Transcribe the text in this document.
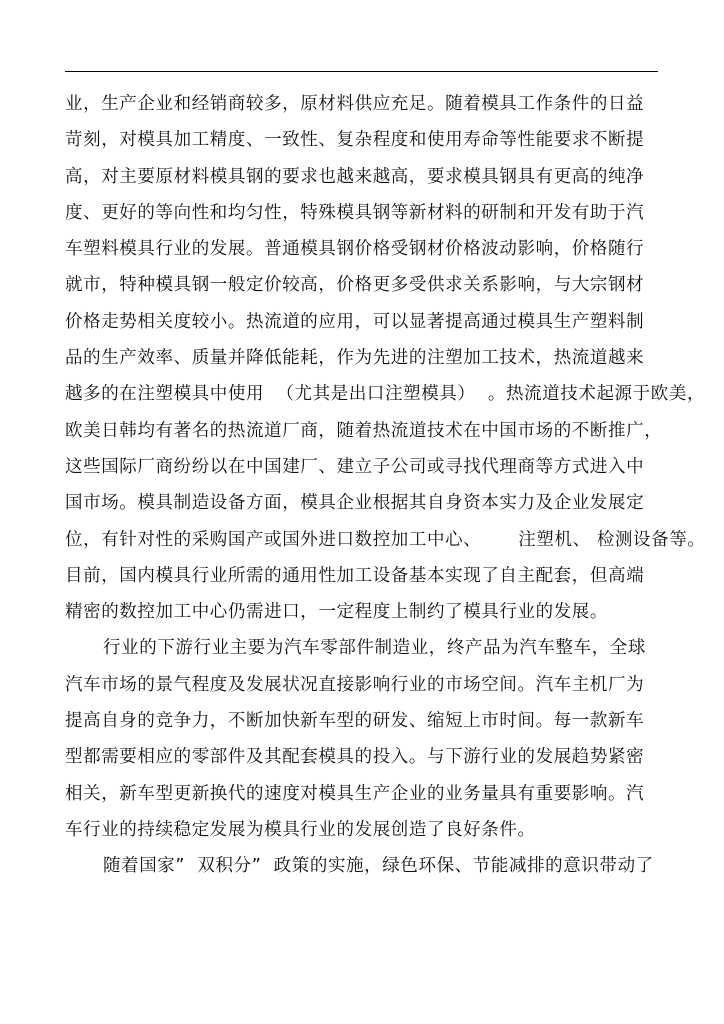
业，生产企业和经销商较多，原材料供应充足。随着模具工作条件的日益
苛刻，对模具加工精度、一致性、复杂程度和使用寿命等性能要求不断提
高，对主要原材料模具钢的要求也越来越高，要求模具钢具有更高的纯净
度、更好的等向性和均匀性，特殊模具钢等新材料的研制和开发有助于汽
车塑料模具行业的发展。普通模具钢价格受钢材价格波动影响，价格随行
就市，特种模具钢一般定价较高，价格更多受供求关系影响，与大宗钢材
价格走势相关度较小。热流道的应用，可以显著提高通过模具生产塑料制
品的生产效率、质量并降低能耗，作为先进的注塑加工技术，热流道越来
越多的在注塑模具中使用  （尤其是出口注塑模具）  。热流道技术起源于欧美，
欧美日韩均有著名的热流道厂商，随着热流道技术在中国市场的不断推广，
这些国际厂商纷纷以在中国建厂、建立子公司或寻找代理商等方式进入中
国市场。模具制造设备方面，模具企业根据其自身资本实力及企业发展定
位，有针对性的采购国产或国外进口数控加工中心、      注塑机、 检测设备等。
目前，国内模具行业所需的通用性加工设备基本实现了自主配套，但高端
精密的数控加工中心仍需进口，一定程度上制约了模具行业的发展。
行业的下游行业主要为汽车零部件制造业，终产品为汽车整车，全球
汽车市场的景气程度及发展状况直接影响行业的市场空间。汽车主机厂为
提高自身的竞争力，不断加快新车型的研发、缩短上市时间。每一款新车
型都需要相应的零部件及其配套模具的投入。与下游行业的发展趋势紧密
相关，新车型更新换代的速度对模具生产企业的业务量具有重要影响。汽
车行业的持续稳定发展为模具行业的发展创造了良好条件。
随着国家”  双积分”  政策的实施，绿色环保、节能减排的意识带动了
